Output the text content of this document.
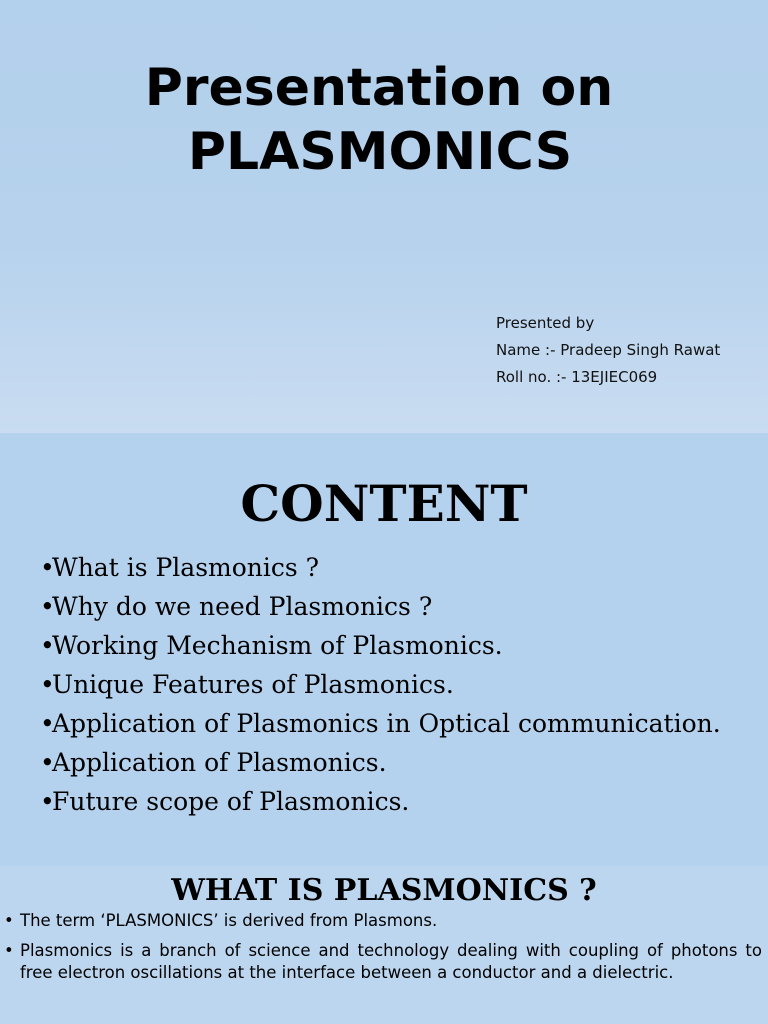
Presentation on
PLASMONICS
Presented by
Name :- Pradeep Singh Rawat
Roll no. :- 13EJIEC069
CONTENT
•
What is Plasmonics ?
•
Why do we need Plasmonics ?
•
Working Mechanism of Plasmonics.
•
Unique Features of Plasmonics.
•
Application of Plasmonics in Optical communication.
•
Application of Plasmonics.
•
Future scope of Plasmonics.
WHAT IS PLASMONICS ?
• The term ‘PLASMONICS’ is derived from Plasmons.
• Plasmonics is a branch of science and technology dealing with coupling of photons to free electron oscillations at the interface between a conductor and a dielectric.
